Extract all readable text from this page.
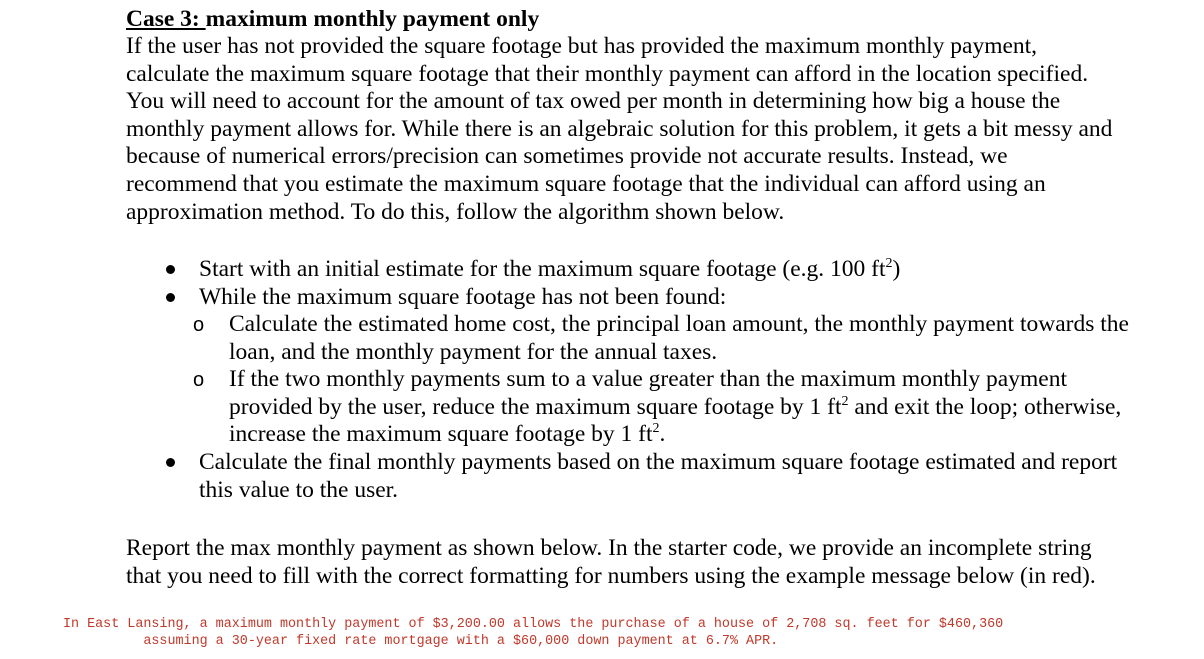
Case 3: maximum monthly payment only

If the user has not provided the square footage but has provided the maximum monthly payment, calculate the maximum square footage that their monthly payment can afford in the location specified. You will need to account for the amount of tax owed per month in determining how big a house the monthly payment allows for. While there is an algebraic solution for this problem, it gets a bit messy and because of numerical errors/precision can sometimes provide not accurate results. Instead, we recommend that you estimate the maximum square footage that the individual can afford using an approximation method. To do this, follow the algorithm shown below.

Start with an initial estimate for the maximum square footage (e.g. 100 $ft^2$)
While the maximum square footage has not been found:
o Calculate the estimated home cost, the principal loan amount, the monthly payment towards the loan, and the monthly payment for the annual taxes.
o If the two monthly payments sum to a value greater than the maximum monthly payment provided by the user, reduce the maximum square footage by 1 $ft^2$ and exit the loop; otherwise, increase the maximum square footage by 1 $ft^2$.
Calculate the final monthly payments based on the maximum square footage estimated and report this value to the user.

Report the max monthly payment as shown below. In the starter code, we provide an incomplete string that you need to fill with the correct formatting for numbers using the example message below (in red).

In East Lansing, a maximum monthly payment of $3,200.00 allows the purchase of a house of 2,708 sq. feet for $460,360
assuming a 30-year fixed rate mortgage with a $60,000 down payment at 6.7% APR.
